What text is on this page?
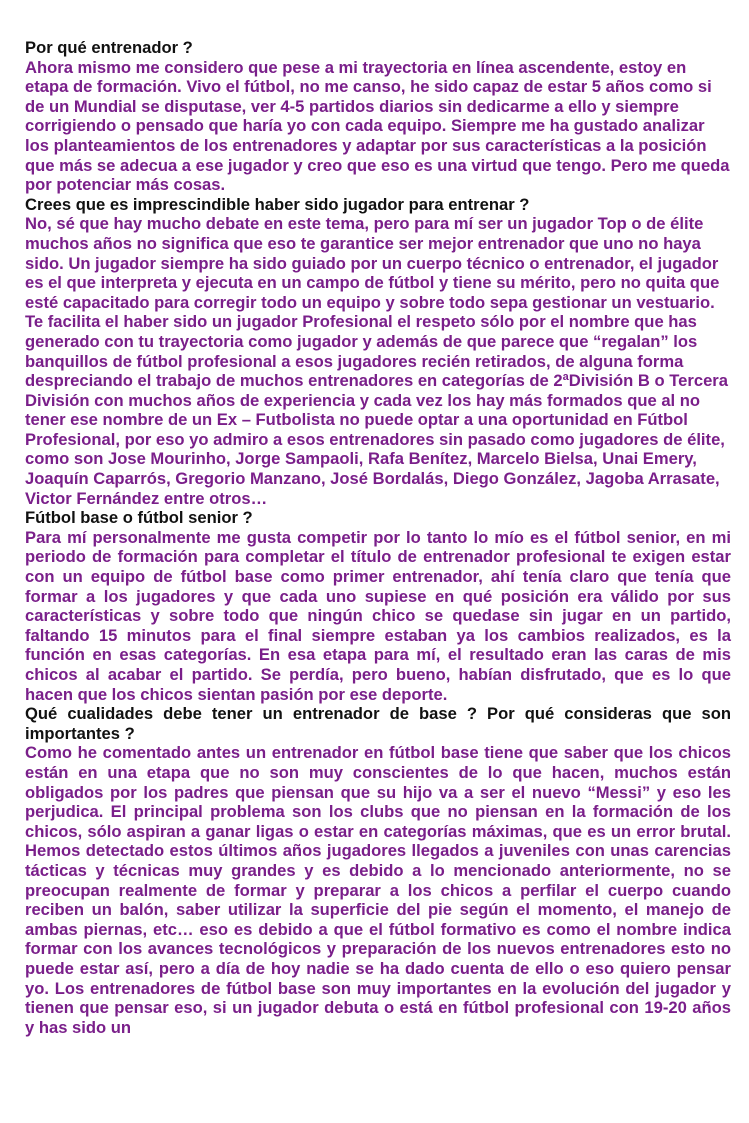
Por qué entrenador ?

Ahora mismo me considero que pese a mi trayectoria en línea ascendente, estoy en etapa de formación. Vivo el fútbol, no me canso, he sido capaz de estar 5 años como si de un Mundial se disputase, ver 4-5 partidos diarios sin dedicarme a ello y siempre corrigiendo o pensado que haría yo con cada equipo. Siempre me ha gustado analizar los planteamientos de los entrenadores y adaptar por sus características a la posición que más se adecua a ese jugador y creo que eso es una virtud que tengo. Pero me queda por potenciar más cosas.

Crees que es imprescindible haber sido jugador para entrenar ?

No, sé que hay mucho debate en este tema, pero para mí ser un jugador Top o de élite muchos años no significa que eso te garantice ser mejor entrenador que uno no haya sido. Un jugador siempre ha sido guiado por un cuerpo técnico o entrenador, el jugador es el que interpreta y ejecuta en un campo de fútbol y tiene su mérito, pero no quita que esté capacitado para corregir todo un equipo y sobre todo sepa gestionar un vestuario. Te facilita el haber sido un jugador Profesional el respeto sólo por el nombre que has generado con tu trayectoria como jugador y además de que parece que “regalan” los banquillos de fútbol profesional a esos jugadores recién retirados, de alguna forma despreciando el trabajo de muchos entrenadores en categorías de 2ªDivisión B o Tercera División con muchos años de experiencia y cada vez los hay más formados que al no tener ese nombre de un Ex – Futbolista no puede optar a una oportunidad en Fútbol Profesional, por eso yo admiro a esos entrenadores sin pasado como jugadores de élite, como son Jose Mourinho, Jorge Sampaoli, Rafa Benítez, Marcelo Bielsa, Unai Emery, Joaquín Caparrós, Gregorio Manzano, José Bordalás, Diego González, Jagoba Arrasate, Victor Fernández entre otros…

Fútbol base o fútbol senior ?

Para mí personalmente me gusta competir por lo tanto lo mío es el fútbol senior, en mi periodo de formación para completar el título de entrenador profesional te exigen estar con un equipo de fútbol base como primer entrenador, ahí tenía claro que tenía que formar a los jugadores y que cada uno supiese en qué posición era válido por sus características y sobre todo que ningún chico se quedase sin jugar en un partido, faltando 15 minutos para el final siempre estaban ya los cambios realizados, es la función en esas categorías. En esa etapa para mí, el resultado eran las caras de mis chicos al acabar el partido. Se perdía, pero bueno, habían disfrutado, que es lo que hacen que los chicos sientan pasión por ese deporte.

Qué cualidades debe tener un entrenador de base ? Por qué consideras que son importantes ?

Como he comentado antes un entrenador en fútbol base tiene que saber que los chicos están en una etapa que no son muy conscientes de lo que hacen, muchos están obligados por los padres que piensan que su hijo va a ser el nuevo “Messi” y eso les perjudica. El principal problema son los clubs que no piensan en la formación de los chicos, sólo aspiran a ganar ligas o estar en categorías máximas, que es un error brutal. Hemos detectado estos últimos años jugadores llegados a juveniles con unas carencias tácticas y técnicas muy grandes y es debido a lo mencionado anteriormente, no se preocupan realmente de formar y preparar a los chicos a perfilar el cuerpo cuando reciben un balón, saber utilizar la superficie del pie según el momento, el manejo de ambas piernas, etc… eso es debido a que el fútbol formativo es como el nombre indica formar con los avances tecnológicos y preparación de los nuevos entrenadores esto no puede estar así, pero a día de hoy nadie se ha dado cuenta de ello o eso quiero pensar yo. Los entrenadores de fútbol base son muy importantes en la evolución del jugador y tienen que pensar eso, si un jugador debuta o está en fútbol profesional con 19-20 años y has sido un
